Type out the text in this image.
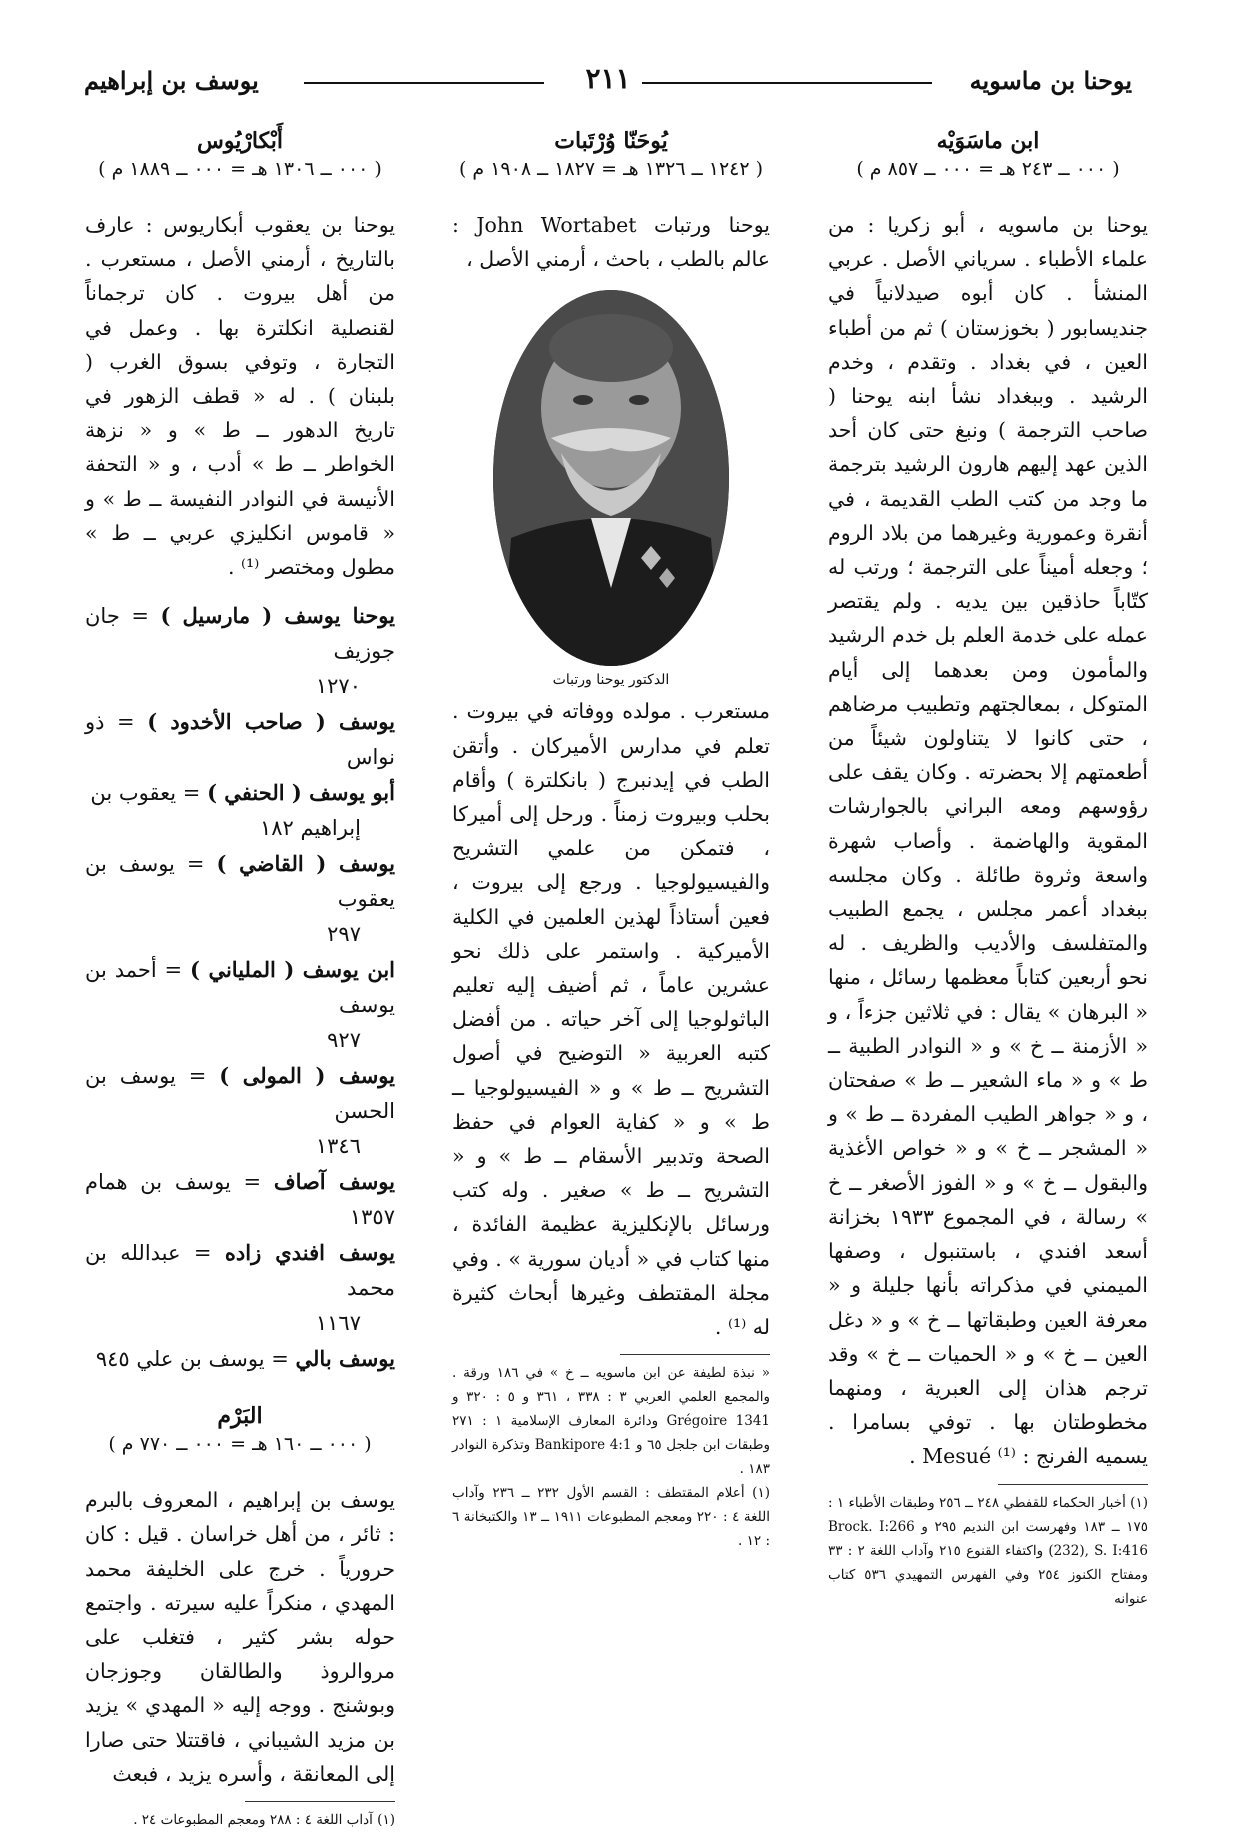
يوحنا بن ماسويه
٢١١
يوسف بن إبراهيم
ابن ماسَوَيْه
( ٠٠٠ ــ ٢٤٣ هـ = ٠٠٠ ــ ٨٥٧ م )
يوحنا بن ماسويه ، أبو زكريا : من علماء الأطباء . سرياني الأصل . عربي المنشأ . كان أبوه صيدلانياً في جنديسابور ( بخوزستان ) ثم من أطباء العين ، في بغداد . وتقدم ، وخدم الرشيد . وببغداد نشأ ابنه يوحنا ( صاحب الترجمة ) ونبغ حتى كان أحد الذين عهد إليهم هارون الرشيد بترجمة ما وجد من كتب الطب القديمة ، في أنقرة وعمورية وغيرهما من بلاد الروم ؛ وجعله أميناً على الترجمة ؛ ورتب له كتّاباً حاذقين بين يديه . ولم يقتصر عمله على خدمة العلم بل خدم الرشيد والمأمون ومن بعدهما إلى أيام المتوكل ، بمعالجتهم وتطبيب مرضاهم ، حتى كانوا لا يتناولون شيئاً من أطعمتهم إلا بحضرته . وكان يقف على رؤوسهم ومعه البراني بالجوارشات المقوية والهاضمة . وأصاب شهرة واسعة وثروة طائلة . وكان مجلسه ببغداد أعمر مجلس ، يجمع الطبيب والمتفلسف والأديب والظريف . له نحو أربعين كتاباً معظمها رسائل ، منها « البرهان » يقال : في ثلاثين جزءاً ، و « الأزمنة ــ خ » و « النوادر الطبية ــ ط » و « ماء الشعير ــ ط » صفحتان ، و « جواهر الطيب المفردة ــ ط » و « المشجر ــ خ » و « خواص الأغذية والبقول ــ خ » و « الفوز الأصغر ــ خ » رسالة ، في المجموع ١٩٣٣ بخزانة أسعد افندي ، باستنبول ، وصفها الميمني في مذكراته بأنها جليلة و « معرفة العين وطبقاتها ــ خ » و « دغل العين ــ خ » و « الحميات ــ خ » وقد ترجم هذان إلى العبرية ، ومنهما مخطوطتان بها . توفي بسامرا . يسميه الفرنج : Mesué ⁽¹⁾ .
(١) أخبار الحكماء للقفطي ٢٤٨ ــ ٢٥٦ وطبقات الأطباء ١ : ١٧٥ ــ ١٨٣ وفهرست ابن النديم ٢٩٥ و Brock. I:266 (232), S. I:416 واكتفاء القنوع ٢١٥ وآداب اللغة ٢ : ٣٣ ومفتاح الكنوز ٢٥٤ وفي الفهرس التمهيدي ٥٣٦ كتاب عنوانه
يُوحَنّا وُرْتَبات
( ١٢٤٢ ــ ١٣٢٦ هـ = ١٨٢٧ ــ ١٩٠٨ م )
يوحنا ورتبات John Wortabet : عالم بالطب ، باحث ، أرمني الأصل ،
الدكتور يوحنا ورتبات
مستعرب . مولده ووفاته في بيروت . تعلم في مدارس الأميركان . وأتقن الطب في إيدنبرج ( بانكلترة ) وأقام بحلب وبيروت زمناً . ورحل إلى أميركا ، فتمكن من علمي التشريح والفيسيولوجيا . ورجع إلى بيروت ، فعين أستاذاً لهذين العلمين في الكلية الأميركية . واستمر على ذلك نحو عشرين عاماً ، ثم أضيف إليه تعليم الباثولوجيا إلى آخر حياته . من أفضل كتبه العربية « التوضيح في أصول التشريح ــ ط » و « الفيسيولوجيا ــ ط » و « كفاية العوام في حفظ الصحة وتدبير الأسقام ــ ط » و « التشريح ــ ط » صغير . وله كتب ورسائل بالإنكليزية عظيمة الفائدة ، منها كتاب في « أديان سورية » . وفي مجلة المقتطف وغيرها أبحاث كثيرة له ⁽¹⁾ .
« نبذة لطيفة عن ابن ماسويه ــ خ » في ١٨٦ ورقة . والمجمع العلمي العربي ٣ : ٣٣٨ ، ٣٦١ و ٥ : ٣٢٠ و Grégoire 1341 ودائرة المعارف الإسلامية ١ : ٢٧١ وطبقات ابن جلجل ٦٥ و Bankipore 4:1 وتذكرة النوادر ١٨٣ .
(١) أعلام المقتطف : القسم الأول ٢٣٢ ــ ٢٣٦ وآداب اللغة ٤ : ٢٢٠ ومعجم المطبوعات ١٩١١ ــ ١٣ والكتبخانة ٦ : ١٢ .
أَبْكارْيُوس
( ٠٠٠ ــ ١٣٠٦ هـ = ٠٠٠ ــ ١٨٨٩ م )
يوحنا بن يعقوب أبكاريوس : عارف بالتاريخ ، أرمني الأصل ، مستعرب . من أهل بيروت . كان ترجماناً لقنصلية انكلترة بها . وعمل في التجارة ، وتوفي بسوق الغرب ( بلبنان ) . له « قطف الزهور في تاريخ الدهور ــ ط » و « نزهة الخواطر ــ ط » أدب ، و « التحفة الأنيسة في النوادر النفيسة ــ ط » و « قاموس انكليزي عربي ــ ط » مطول ومختصر ⁽¹⁾ .
يوحنا يوسف ( مارسيل ) = جان جوزيف
١٢٧٠
يوسف ( صاحب الأخدود ) = ذو نواس
أبو يوسف ( الحنفي ) = يعقوب بن
إبراهيم ١٨٢
يوسف ( القاضي ) = يوسف بن يعقوب
٢٩٧
ابن يوسف ( الملياني ) = أحمد بن يوسف
٩٢٧
يوسف ( المولى ) = يوسف بن الحسن
١٣٤٦
يوسف آصاف = يوسف بن همام ١٣٥٧
يوسف افندي زاده = عبدالله بن محمد
١١٦٧
يوسف بالي = يوسف بن علي ٩٤٥
البَرْم
( ٠٠٠ ــ ١٦٠ هـ = ٠٠٠ ــ ٧٧٠ م )
يوسف بن إبراهيم ، المعروف بالبرم : ثائر ، من أهل خراسان . قيل : كان حرورياً . خرج على الخليفة محمد المهدي ، منكراً عليه سيرته . واجتمع حوله بشر كثير ، فتغلب على مروالروذ والطالقان وجوزجان وبوشنج . ووجه إليه « المهدي » يزيد بن مزيد الشيباني ، فاقتتلا حتى صارا إلى المعانقة ، وأسره يزيد ، فبعث
(١) آداب اللغة ٤ : ٢٨٨ ومعجم المطبوعات ٢٤ .
